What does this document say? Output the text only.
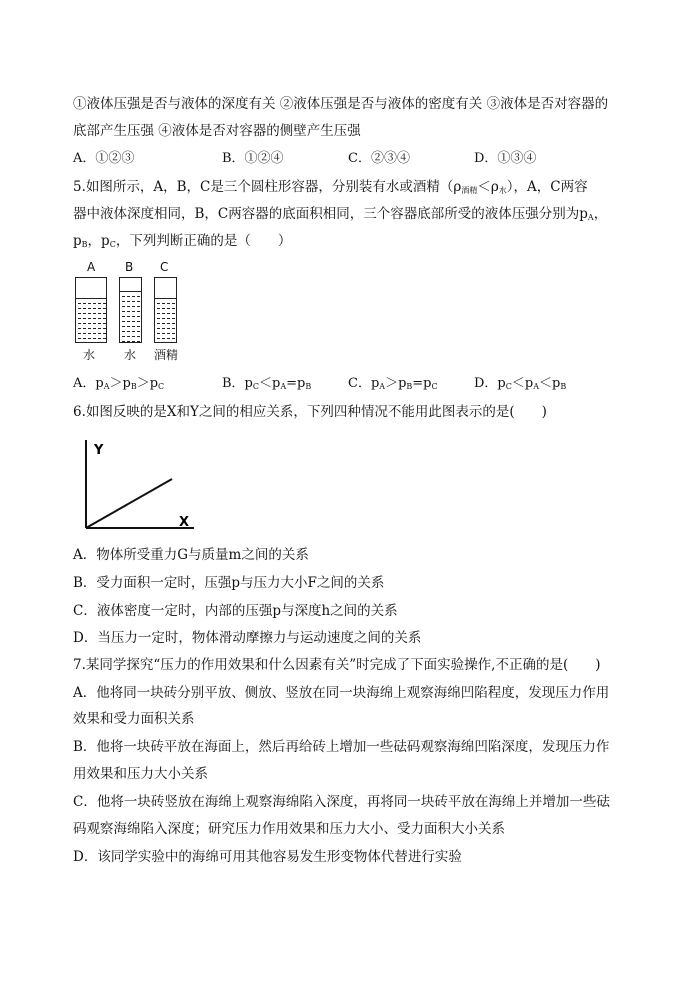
①液体压强是否与液体的深度有关 ②液体压强是否与液体的密度有关 ③液体是否对容器的
底部产生压强 ④液体是否对容器的侧壁产生压强
A．①②③	B．①②④	C．②③④	D．①③④
5.如图所示，A，B，C是三个圆柱形容器，分别装有水或酒精$(\rho_{酒精}<\rho_水)$，A，C两容
器中液体深度相同，B，C两容器的底面积相同，三个容器底部所受的液体压强分别为$p_A$，
$p_B$，$p_C$，下列判断正确的是（　　）
A B C
水 水 酒精
A．$p_A>p_B>p_C$	B．$p_C<p_A=p_B$	C．$p_A>p_B=p_C$	D．$p_C<p_A<p_B$
6.如图反映的是X和Y之间的相应关系，下列四种情况不能用此图表示的是(　　)
Y
X
A．物体所受重力G与质量m之间的关系
B．受力面积一定时，压强p与压力大小F之间的关系
C．液体密度一定时，内部的压强p与深度h之间的关系
D．当压力一定时，物体滑动摩擦力与运动速度之间的关系
7.某同学探究“压力的作用效果和什么因素有关”时完成了下面实验操作,不正确的是(　　)
A．他将同一块砖分别平放、侧放、竖放在同一块海绵上观察海绵凹陷程度，发现压力作用
效果和受力面积关系
B．他将一块砖平放在海面上，然后再给砖上增加一些砝码观察海绵凹陷深度，发现压力作
用效果和压力大小关系
C．他将一块砖竖放在海绵上观察海绵陷入深度，再将同一块砖平放在海绵上并增加一些砝
码观察海绵陷入深度；研究压力作用效果和压力大小、受力面积大小关系
D．该同学实验中的海绵可用其他容易发生形变物体代替进行实验
